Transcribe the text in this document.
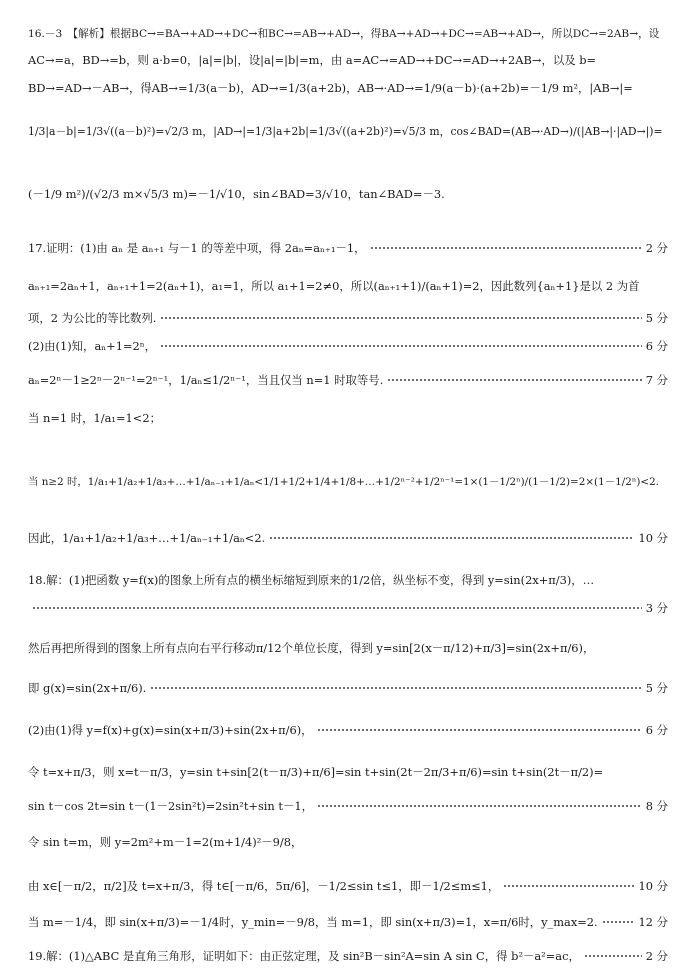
16.－3　【解析】根据BC→=BA→+AD→+DC→和BC→=AB→+AD→，得BA→+AD→+DC→=AB→+AD→，所以DC→=2AB→，设
AC→=a，BD→=b，则 a·b=0，|a|=|b|，设|a|=|b|=m，由 a=AC→=AD→+DC→=AD→+2AB→，以及 b=
BD→=AD→－AB→，得AB→=1/3(a－b)，AD→=1/3(a+2b)，AB→·AD→=1/9(a－b)·(a+2b)=－1/9 m²，|AB→|=
1/3|a－b|=1/3√((a－b)²)=√2/3 m，|AD→|=1/3|a+2b|=1/3√((a+2b)²)=√5/3 m，cos∠BAD=(AB→·AD→)/(|AB→|·|AD→|)=
(－1/9 m²)/(√2/3 m×√5/3 m)=－1/√10，sin∠BAD=3/√10，tan∠BAD=－3.
17.证明：(1)由 aₙ 是 aₙ₊₁ 与－1 的等差中项，得 2aₙ=aₙ₊₁－1，	2 分
aₙ₊₁=2aₙ+1，aₙ₊₁+1=2(aₙ+1)，a₁=1，所以 a₁+1=2≠0，所以(aₙ₊₁+1)/(aₙ+1)=2，因此数列{aₙ+1}是以 2 为首
项，2 为公比的等比数列.	5 分
(2)由(1)知，aₙ+1=2ⁿ，	6 分
aₙ=2ⁿ－1≥2ⁿ－2ⁿ⁻¹=2ⁿ⁻¹，1/aₙ≤1/2ⁿ⁻¹，当且仅当 n=1 时取等号.	7 分
当 n=1 时，1/a₁=1<2；
当 n≥2 时，1/a₁+1/a₂+1/a₃+…+1/aₙ₋₁+1/aₙ<1/1+1/2+1/4+1/8+…+1/2ⁿ⁻²+1/2ⁿ⁻¹=1×(1－1/2ⁿ)/(1－1/2)=2×(1－1/2ⁿ)<2.
因此，1/a₁+1/a₂+1/a₃+…+1/aₙ₋₁+1/aₙ<2.	10 分
18.解：(1)把函数 y=f(x)的图象上所有点的横坐标缩短到原来的1/2倍，纵坐标不变，得到 y=sin(2x+π/3)，…
3 分
然后再把所得到的图象上所有点向右平行移动π/12个单位长度，得到 y=sin[2(x－π/12)+π/3]=sin(2x+π/6)，
即 g(x)=sin(2x+π/6).	5 分
(2)由(1)得 y=f(x)+g(x)=sin(x+π/3)+sin(2x+π/6)，	6 分
令 t=x+π/3，则 x=t－π/3，y=sin t+sin[2(t－π/3)+π/6]=sin t+sin(2t－2π/3+π/6)=sin t+sin(2t－π/2)=
sin t－cos 2t=sin t－(1－2sin²t)=2sin²t+sin t－1，	8 分
令 sin t=m，则 y=2m²+m－1=2(m+1/4)²－9/8，
由 x∈[－π/2，π/2]及 t=x+π/3，得 t∈[－π/6，5π/6]，－1/2≤sin t≤1，即－1/2≤m≤1，	10 分
当 m=－1/4，即 sin(x+π/3)=－1/4时，y_min=－9/8，当 m=1，即 sin(x+π/3)=1，x=π/6时，y_max=2.	12 分
19.解：(1)△ABC 是直角三角形，证明如下：由正弦定理，及 sin²B－sin²A=sin A sin C，得 b²－a²=ac，	2 分
